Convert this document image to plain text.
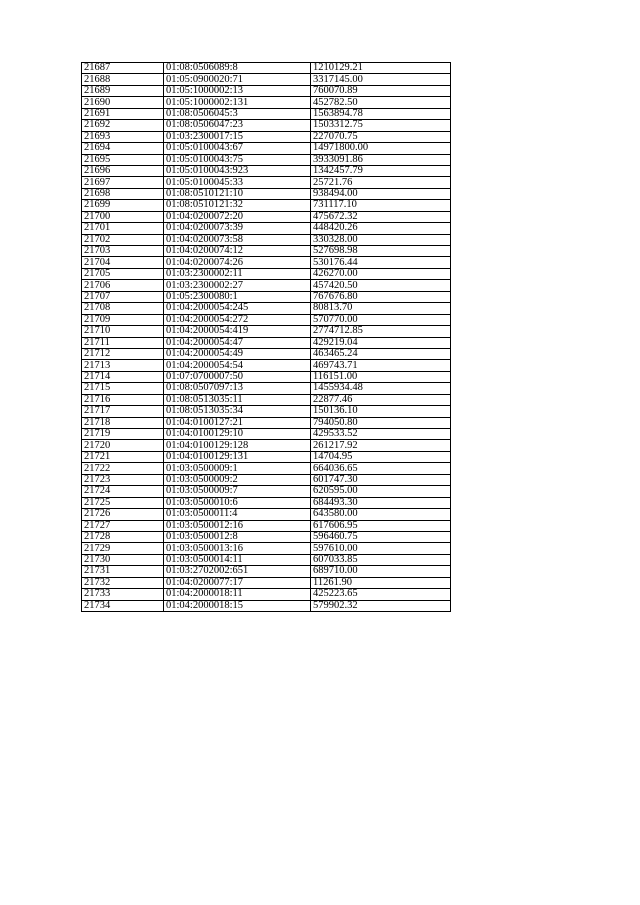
21687	01:08:0506089:8	1210129.21
21688	01:05:0900020:71	3317145.00
21689	01:05:1000002:13	760070.89
21690	01:05:1000002:131	452782.50
21691	01:08:0506045:3	1563894.78
21692	01:08:0506047:23	1503312.75
21693	01:03:2300017:15	227070.75
21694	01:05:0100043:67	14971800.00
21695	01:05:0100043:75	3933091.86
21696	01:05:0100043:923	1342457.79
21697	01:05:0100045:33	25721.76
21698	01:08:0510121:10	938494.00
21699	01:08:0510121:32	731117.10
21700	01:04:0200072:20	475672.32
21701	01:04:0200073:39	448420.26
21702	01:04:0200073:58	330328.00
21703	01:04:0200074:12	527698.98
21704	01:04:0200074:26	530176.44
21705	01:03:2300002:11	426270.00
21706	01:03:2300002:27	457420.50
21707	01:05:2300080:1	767676.80
21708	01:04:2000054:245	80813.70
21709	01:04:2000054:272	570770.00
21710	01:04:2000054:419	2774712.85
21711	01:04:2000054:47	429219.04
21712	01:04:2000054:49	463465.24
21713	01:04:2000054:54	469743.71
21714	01:07:0700007:50	116151.00
21715	01:08:0507097:13	1455934.48
21716	01:08:0513035:11	22877.46
21717	01:08:0513035:34	150136.10
21718	01:04:0100127:21	794050.80
21719	01:04:0100129:10	429533.52
21720	01:04:0100129:128	261217.92
21721	01:04:0100129:131	14704.95
21722	01:03:0500009:1	664036.65
21723	01:03:0500009:2	601747.30
21724	01:03:0500009:7	620595.00
21725	01:03:0500010:6	684493.30
21726	01:03:0500011:4	643580.00
21727	01:03:0500012:16	617606.95
21728	01:03:0500012:8	596460.75
21729	01:03:0500013:16	597610.00
21730	01:03:0500014:11	607033.85
21731	01:03:2702002:651	689710.00
21732	01:04:0200077:17	11261.90
21733	01:04:2000018:11	425223.65
21734	01:04:2000018:15	579902.32
